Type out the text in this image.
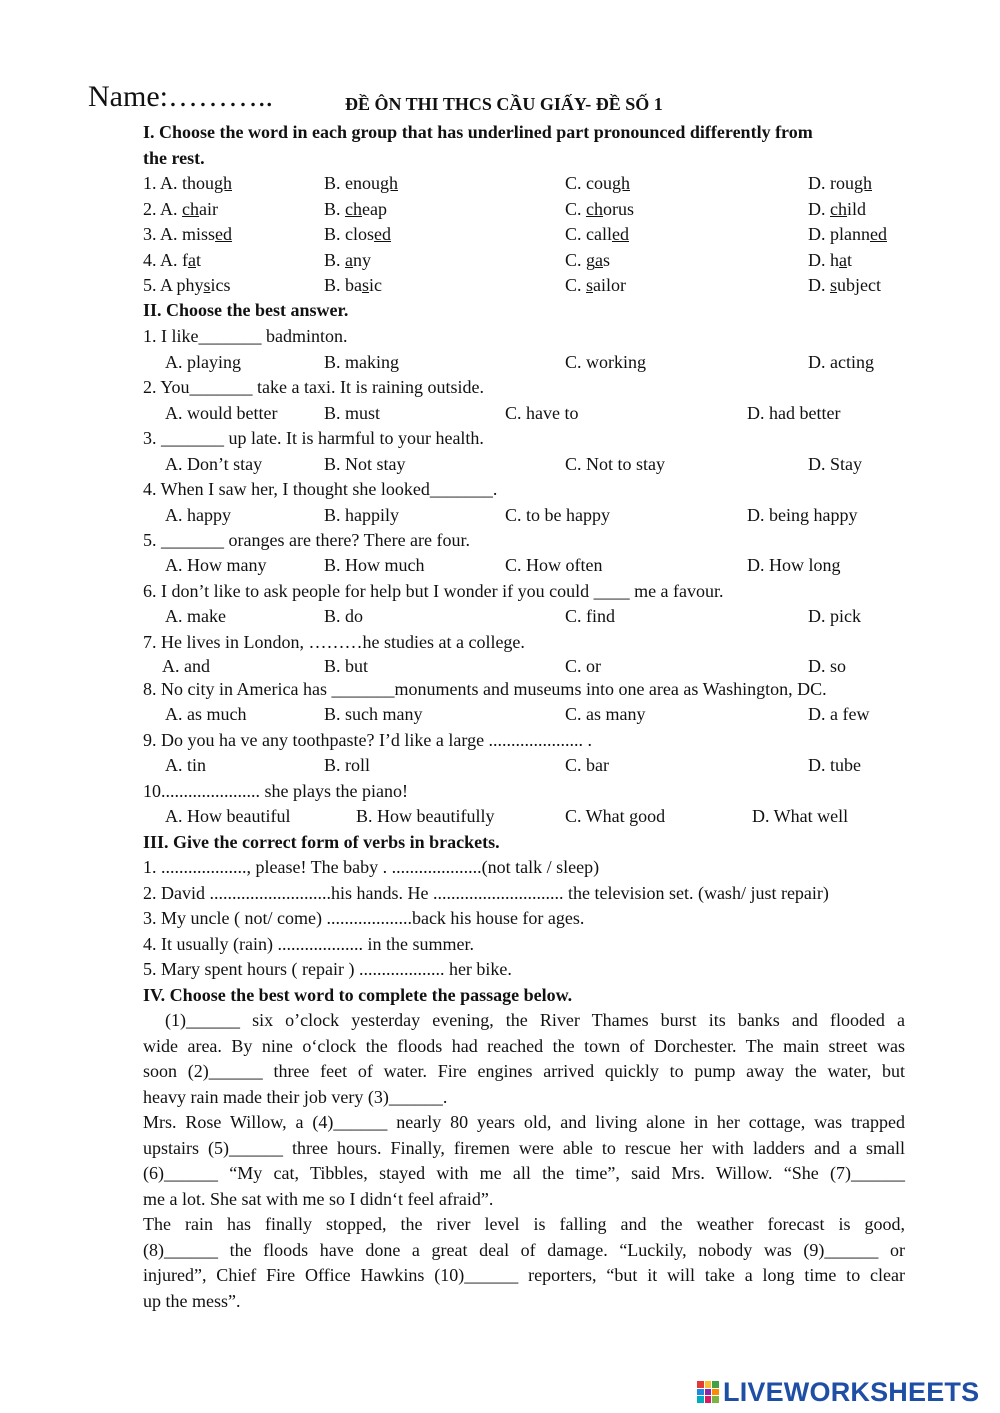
Name:………..	ĐỀ ÔN THI THCS CẦU GIẤY- ĐỀ SỐ 1
I. Choose the word in each group that has underlined part pronounced differently from
the rest.
1. A. though	B. enough	C. cough	D. rough
2. A. chair	B. cheap	C. chorus	D. child
3. A. missed	B. closed	C. called	D. planned
4. A. fat	B. any	C. gas	D. hat
5. A physics	B. basic	C. sailor	D. subject
II. Choose the best answer.
1. I like_______ badminton.
A. playing	B. making	C. working	D. acting
2. You_______ take a taxi. It is raining outside.
A. would better	B. must	C. have to	D. had better
3. _______ up late. It is harmful to your health.
A. Don’t stay	B. Not stay	C. Not to stay	D. Stay
4. When I saw her, I thought she looked_______.
A. happy	B. happily	C. to be happy	D. being happy
5. _______ oranges are there? There are four.
A. How many	B. How much	C. How often	D. How long
6. I don’t like to ask people for help but I wonder if you could ____ me a favour.
A. make	B. do	C. find	D. pick
7. He lives in London, ………he studies at a college.
A. and	B. but	C. or	D. so
8. No city in America has _______monuments and museums into one area as Washington, DC.
A. as much	B. such many	C. as many	D. a few
9. Do you ha ve any toothpaste? I’d like a large ..................... .
A. tin	B. roll	C. bar	D. tube
10...................... she plays the piano!
A. How beautiful	B. How beautifully	C. What good	D. What well
III. Give the correct form of verbs in brackets.
1. ..................., please! The baby . ....................(not talk / sleep)
2. David ...........................his hands. He ............................. the television set. (wash/ just repair)
3. My uncle ( not/ come) ...................back his house for ages.
4. It usually (rain) ................... in the summer.
5. Mary spent hours ( repair ) ................... her bike.
IV. Choose the best word to complete the passage below.
(1)______ six o’clock yesterday evening, the River Thames burst its banks and flooded a
wide area. By nine o‘clock the floods had reached the town of Dorchester. The main street was
soon (2)______ three feet of water. Fire engines arrived quickly to pump away the water, but
heavy rain made their job very (3)______.
Mrs. Rose Willow, a (4)______ nearly 80 years old, and living alone in her cottage, was trapped
upstairs (5)______ three hours. Finally, firemen were able to rescue her with ladders and a small
(6)______ “My cat, Tibbles, stayed with me all the time”, said Mrs. Willow. “She (7)______
me a lot. She sat with me so I didn‘t feel afraid”.
The rain has finally stopped, the river level is falling and the weather forecast is good,
(8)______ the floods have done a great deal of damage. “Luckily, nobody was (9)______ or
injured”, Chief Fire Office Hawkins (10)______ reporters, “but it will take a long time to clear
up the mess”.
LIVEWORKSHEETS
